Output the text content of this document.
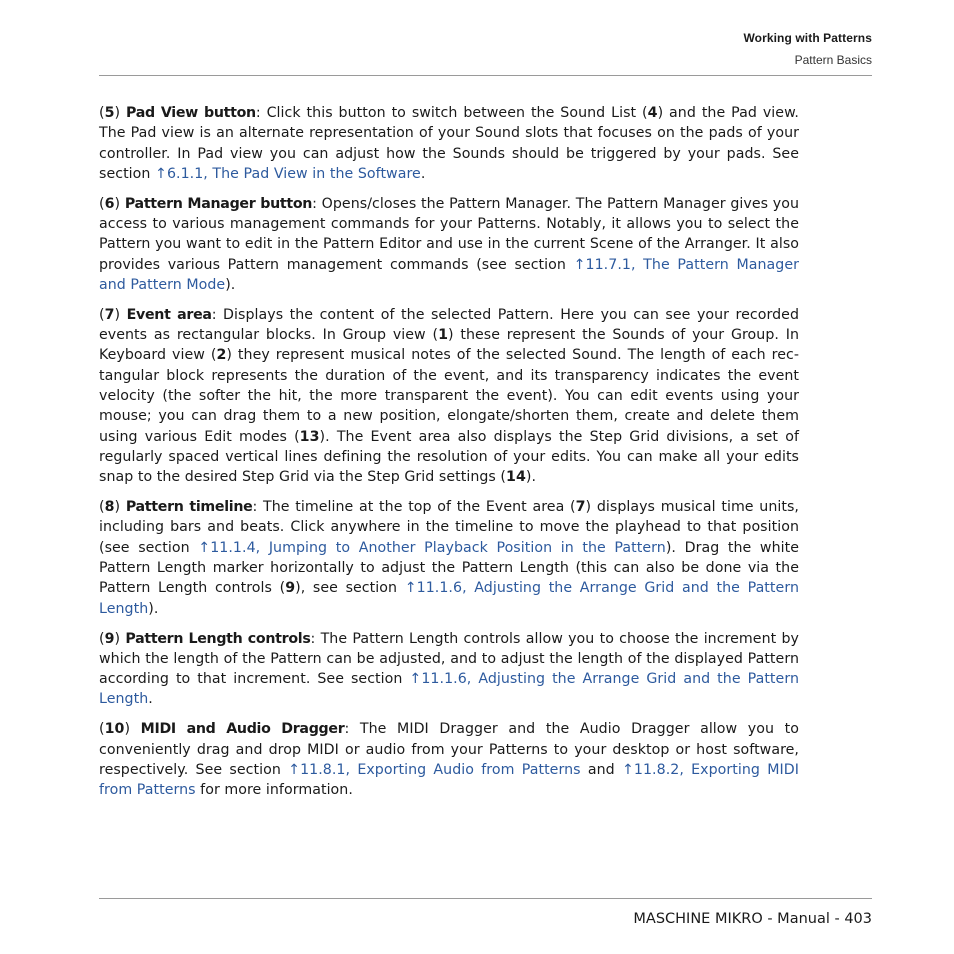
Working with Patterns
Pattern Basics

(5) Pad View button: Click this button to switch between the Sound List (4) and the Pad view. The Pad view is an alternate representation of your Sound slots that focuses on the pads of your controller. In Pad view you can adjust how the Sounds should be triggered by your pads. See section ↑6.1.1, The Pad View in the Software.

(6) Pattern Manager button: Opens/closes the Pattern Manager. The Pattern Manager gives you access to various management commands for your Patterns. Notably, it allows you to select the Pattern you want to edit in the Pattern Editor and use in the current Scene of the Arranger. It also provides various Pattern management commands (see section ↑11.7.1, The Pattern Manager and Pattern Mode).

(7) Event area: Displays the content of the selected Pattern. Here you can see your recorded events as rectangular blocks. In Group view (1) these represent the Sounds of your Group. In Keyboard view (2) they represent musical notes of the selected Sound. The length of each rectangular block represents the duration of the event, and its transparency indicates the event velocity (the softer the hit, the more transparent the event). You can edit events using your mouse; you can drag them to a new position, elongate/shorten them, create and delete them using various Edit modes (13). The Event area also displays the Step Grid divisions, a set of regularly spaced vertical lines defining the resolution of your edits. You can make all your edits snap to the desired Step Grid via the Step Grid settings (14).

(8) Pattern timeline: The timeline at the top of the Event area (7) displays musical time units, including bars and beats. Click anywhere in the timeline to move the playhead to that position (see section ↑11.1.4, Jumping to Another Playback Position in the Pattern). Drag the white Pattern Length marker horizontally to adjust the Pattern Length (this can also be done via the Pattern Length controls (9), see section ↑11.1.6, Adjusting the Arrange Grid and the Pattern Length).

(9) Pattern Length controls: The Pattern Length controls allow you to choose the increment by which the length of the Pattern can be adjusted, and to adjust the length of the displayed Pattern according to that increment. See section ↑11.1.6, Adjusting the Arrange Grid and the Pattern Length.

(10) MIDI and Audio Dragger: The MIDI Dragger and the Audio Dragger allow you to conveniently drag and drop MIDI or audio from your Patterns to your desktop or host software, respectively. See section ↑11.8.1, Exporting Audio from Patterns and ↑11.8.2, Exporting MIDI from Patterns for more information.

MASCHINE MIKRO - Manual - 403
